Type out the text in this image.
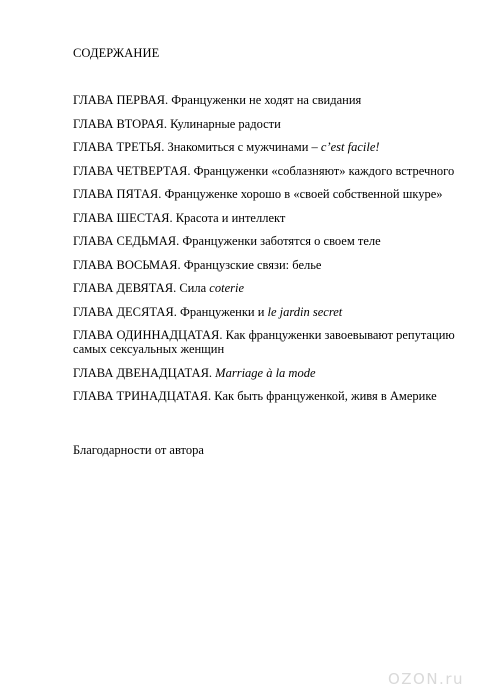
СОДЕРЖАНИЕ
ГЛАВА ПЕРВАЯ. Француженки не ходят на свидания
ГЛАВА ВТОРАЯ. Кулинарные радости
ГЛАВА ТРЕТЬЯ. Знакомиться с мужчинами – c’est facile!
ГЛАВА ЧЕТВЕРТАЯ. Француженки «соблазняют» каждого встречного
ГЛАВА ПЯТАЯ. Француженке хорошо в «своей собственной шкуре»
ГЛАВА ШЕСТАЯ. Красота и интеллект
ГЛАВА СЕДЬМАЯ. Француженки заботятся о своем теле
ГЛАВА ВОСЬМАЯ. Французские связи: белье
ГЛАВА ДЕВЯТАЯ. Сила coterie
ГЛАВА ДЕСЯТАЯ. Француженки и le jardin secret
ГЛАВА ОДИННАДЦАТАЯ. Как француженки завоевывают репутацию самых сексуальных женщин
ГЛАВА ДВЕНАДЦАТАЯ. Marriage à la mode
ГЛАВА ТРИНАДЦАТАЯ. Как быть француженкой, живя в Америке
Благодарности от автора
OZON.ru
